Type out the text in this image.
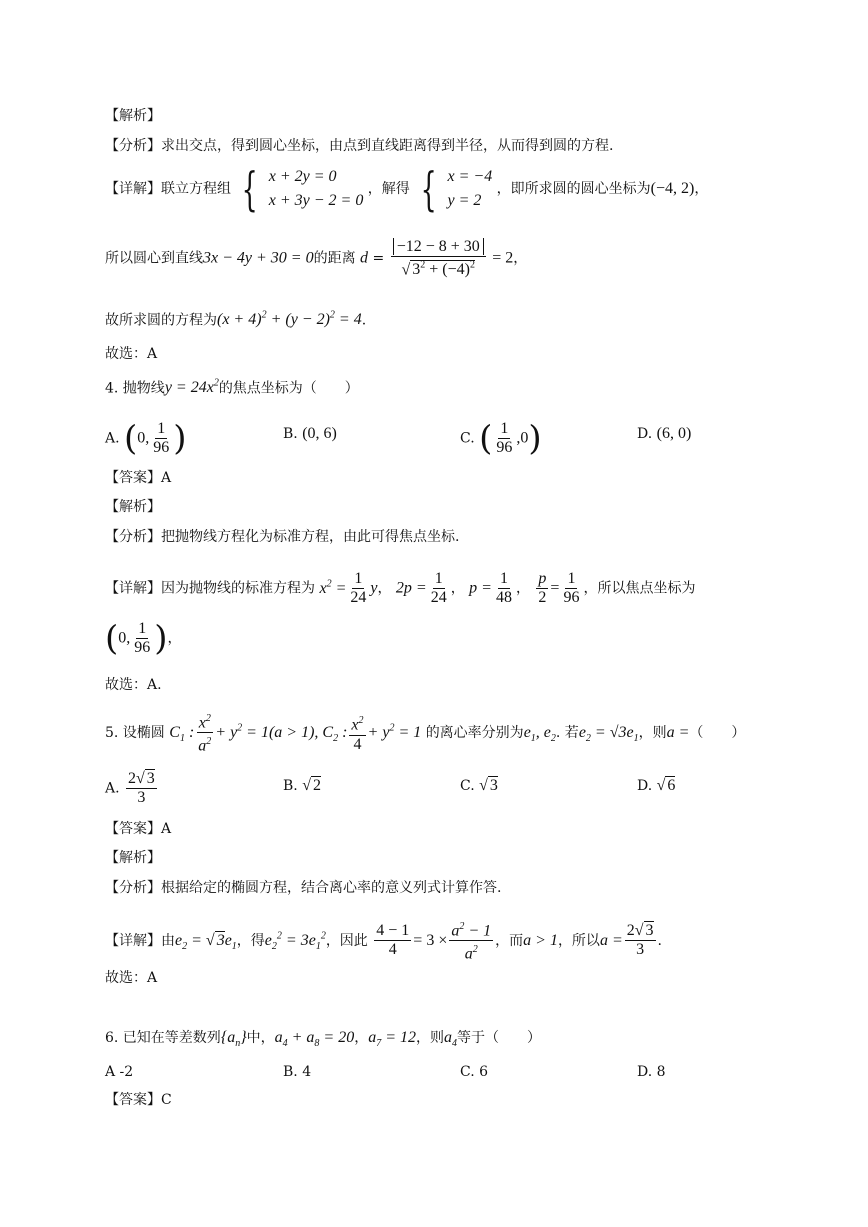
【解析】
【分析】求出交点，得到圆心坐标，由点到直线距离得到半径，从而得到圆的方程.
【详解】联立方程组 { x + 2y = 0
x + 3y − 2 = 0
，解得 { x = −4
y = 2
，即所求圆的圆心坐标为(−4, 2)，
所以圆心到直线3x − 4y + 30 = 0的距离 $d = \frac{-12 - 8 + 30}{√ 3^2 + (-4)^2} = 2$，
故所求圆的方程为$(x + 4)^2 + (y - 2)^2 = 4$.
故选：A
4. 抛物线$y = 24x^2$的焦点坐标为（　　）
A. (0, $\frac{1}{96}$ )	B. (0, 6)	C. ( $\frac{1}{96} ,0$)	D. (6, 0)
【答案】A
【解析】
【分析】把抛物线方程化为标准方程，由此可得焦点坐标.
【详解】因为抛物线的标准方程为 $x^2 = \frac{1}{24}$ y， $2p = \frac{1}{24}$ ， $p = \frac{1}{48}$ ， $\frac{p}{2} = \frac{1}{96}$ ，所以焦点坐标为
(0, $\frac{1}{96}$ )，
故选：A.
5. 设椭圆 $C_1$ : $\frac{x^2}{a^2} + y^2 = 1(a > 1)$, $C_2$ : $\frac{x^2}{4} + y^2 = 1$ 的离心率分别为$e_1$, $e_2$. 若$e_2 = √3e_1$，则a =（　　）
A. $\frac{2√ 3}{3}$	B. √ 2	C. √ 3	D. √ 6
【答案】A
【解析】
【分析】根据给定的椭圆方程，结合离心率的意义列式计算作答.
【详解】由$e_2$ = √ $3e_1$，得$e_2^2 = 3e_1^2$，因此 $\frac{4 - 1}{4} = 3 \times \frac{a^2 - 1}{a^2}$ ，而a > 1，所以$a = \frac{2√ 3}{3}$ .
故选：A
6. 已知在等差数列$\{a_n\}$中，$a_4 + a_8 = 20$，$a_7 = 12$，则$a_4$等于（　　）
A -2	B. 4	C. 6	D. 8
【答案】C
